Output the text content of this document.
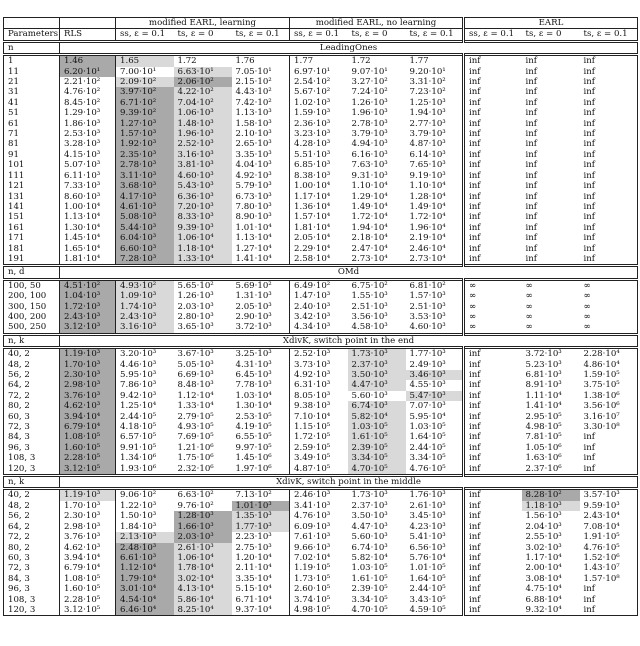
		modified EARL, learning			modified EARL, no learning			EARL		
Parameters	RLS	ss, ε = 0.1	ts, ε = 0	ts, ε = 0.1	ss, ε = 0.1	ts, ε = 0	ts, ε = 0.1	ss, ε = 0.1	ts, ε = 0	ts, ε = 0.1
n	LeadingOnes									
1	1.46	1.65	1.72	1.76	1.77	1.72	1.77	inf	inf	inf
11	6.20·10¹	7.00·10¹	6.63·10¹	7.05·10¹	6.97·10¹	9.07·10¹	9.20·10¹	inf	inf	inf
21	2.21·10²	2.09·10²	2.06·10²	2.15·10²	2.54·10²	3.27·10²	3.31·10²	inf	inf	inf
31	4.76·10²	3.97·10²	4.22·10²	4.43·10²	5.67·10²	7.24·10²	7.23·10²	inf	inf	inf
41	8.45·10²	6.71·10²	7.04·10²	7.42·10²	1.02·10³	1.26·10³	1.25·10³	inf	inf	inf
51	1.29·10³	9.39·10²	1.06·10³	1.13·10³	1.59·10³	1.96·10³	1.94·10³	inf	inf	inf
61	1.86·10³	1.27·10³	1.48·10³	1.58·10³	2.36·10³	2.78·10³	2.77·10³	inf	inf	inf
71	2.53·10³	1.57·10³	1.96·10³	2.10·10³	3.23·10³	3.79·10³	3.79·10³	inf	inf	inf
81	3.28·10³	1.92·10³	2.52·10³	2.65·10³	4.28·10³	4.94·10³	4.87·10³	inf	inf	inf
91	4.15·10³	2.35·10³	3.16·10³	3.35·10³	5.51·10³	6.16·10³	6.14·10³	inf	inf	inf
101	5.07·10³	2.78·10³	3.81·10³	4.04·10³	6.85·10³	7.63·10³	7.65·10³	inf	inf	inf
111	6.11·10³	3.11·10³	4.60·10³	4.92·10³	8.38·10³	9.31·10³	9.19·10³	inf	inf	inf
121	7.33·10³	3.68·10³	5.43·10³	5.79·10³	1.00·10⁴	1.10·10⁴	1.10·10⁴	inf	inf	inf
131	8.60·10³	4.17·10³	6.36·10³	6.73·10³	1.17·10⁴	1.29·10⁴	1.28·10⁴	inf	inf	inf
141	1.00·10⁴	4.61·10³	7.20·10³	7.80·10³	1.36·10⁴	1.49·10⁴	1.49·10⁴	inf	inf	inf
151	1.13·10⁴	5.08·10³	8.33·10³	8.90·10³	1.57·10⁴	1.72·10⁴	1.72·10⁴	inf	inf	inf
161	1.30·10⁴	5.44·10³	9.39·10³	1.01·10⁴	1.81·10⁴	1.94·10⁴	1.96·10⁴	inf	inf	inf
171	1.45·10⁴	6.04·10³	1.06·10⁴	1.13·10⁴	2.05·10⁴	2.18·10⁴	2.19·10⁴	inf	inf	inf
181	1.65·10⁴	6.60·10³	1.18·10⁴	1.27·10⁴	2.29·10⁴	2.47·10⁴	2.46·10⁴	inf	inf	inf
191	1.81·10⁴	7.28·10³	1.33·10⁴	1.41·10⁴	2.58·10⁴	2.73·10⁴	2.73·10⁴	inf	inf	inf
n, d	OMd									
100, 50	4.51·10²	4.93·10²	5.65·10²	5.69·10²	6.49·10²	6.75·10²	6.81·10²	∞	∞	∞
200, 100	1.04·10³	1.09·10³	1.26·10³	1.31·10³	1.47·10³	1.55·10³	1.57·10³	∞	∞	∞
300, 150	1.72·10³	1.74·10³	2.03·10³	2.05·10³	2.40·10³	2.51·10³	2.51·10³	∞	∞	∞
400, 200	2.43·10³	2.43·10³	2.80·10³	2.90·10³	3.42·10³	3.56·10³	3.53·10³	∞	∞	∞
500, 250	3.12·10³	3.16·10³	3.65·10³	3.72·10³	4.34·10³	4.58·10³	4.60·10³	∞	∞	∞
n, k	XdivK, switch point in the end									
40, 2	1.19·10³	3.20·10³	3.67·10³	3.25·10³	2.52·10³	1.73·10³	1.77·10³	inf	3.72·10³	2.28·10⁴
48, 2	1.70·10³	4.46·10³	5.05·10³	4.31·10³	3.73·10³	2.37·10³	2.49·10³	inf	5.23·10³	4.86·10⁴
56, 2	2.30·10³	5.95·10³	6.69·10³	6.45·10³	4.92·10³	3.50·10³	3.46·10³	inf	6.81·10³	1.59·10⁵
64, 2	2.98·10³	7.86·10³	8.48·10³	7.78·10³	6.31·10³	4.47·10³	4.55·10³	inf	8.91·10³	3.75·10⁵
72, 2	3.76·10³	9.42·10³	1.12·10⁴	1.03·10⁴	8.05·10³	5.60·10³	5.47·10³	inf	1.11·10⁴	1.38·10⁶
80, 2	4.62·10³	1.25·10⁴	1.33·10⁴	1.30·10⁴	9.38·10³	6.74·10³	7.07·10³	inf	1.41·10⁴	3.56·10⁶
60, 3	3.94·10⁴	2.44·10⁵	2.79·10⁵	2.53·10⁵	7.10·10⁴	5.82·10⁴	5.95·10⁴	inf	2.95·10⁵	3.16·10⁷
72, 3	6.79·10⁴	4.18·10⁵	4.93·10⁵	4.19·10⁵	1.15·10⁵	1.03·10⁵	1.03·10⁵	inf	4.98·10⁵	3.30·10⁸
84, 3	1.08·10⁵	6.57·10⁵	7.69·10⁵	6.55·10⁵	1.72·10⁵	1.61·10⁵	1.64·10⁵	inf	7.81·10⁵	inf
96, 3	1.60·10⁵	9.91·10⁵	1.21·10⁶	9.97·10⁵	2.59·10⁵	2.39·10⁵	2.44·10⁵	inf	1.05·10⁶	inf
108, 3	2.28·10⁵	1.34·10⁶	1.75·10⁶	1.45·10⁶	3.49·10⁵	3.34·10⁵	3.34·10⁵	inf	1.63·10⁶	inf
120, 3	3.12·10⁵	1.93·10⁶	2.32·10⁶	1.97·10⁶	4.87·10⁵	4.70·10⁵	4.76·10⁵	inf	2.37·10⁶	inf
n, k	XdivK, switch point in the middle									
40, 2	1.19·10³	9.06·10²	6.63·10²	7.13·10²	2.46·10³	1.73·10³	1.76·10³	inf	8.28·10²	3.57·10³
48, 2	1.70·10³	1.22·10³	9.76·10²	1.01·10³	3.41·10³	2.37·10³	2.61·10³	inf	1.18·10³	9.59·10³
56, 2	2.30·10³	1.50·10³	1.28·10³	1.35·10³	4.76·10³	3.50·10³	3.45·10³	inf	1.56·10³	2.43·10⁴
64, 2	2.98·10³	1.84·10³	1.66·10³	1.77·10³	6.09·10³	4.47·10³	4.23·10³	inf	2.04·10³	7.08·10⁴
72, 2	3.76·10³	2.13·10³	2.03·10³	2.23·10³	7.61·10³	5.60·10³	5.41·10³	inf	2.55·10³	1.91·10⁵
80, 2	4.62·10³	2.48·10³	2.61·10³	2.75·10³	9.66·10³	6.74·10³	6.56·10³	inf	3.02·10³	4.76·10⁵
60, 3	3.94·10⁴	6.61·10³	1.06·10⁴	1.20·10⁴	7.02·10⁴	5.82·10⁴	5.76·10⁴	inf	1.17·10⁴	1.52·10⁶
72, 3	6.79·10⁴	1.12·10⁴	1.78·10⁴	2.11·10⁴	1.19·10⁵	1.03·10⁵	1.01·10⁵	inf	2.00·10⁴	1.43·10⁷
84, 3	1.08·10⁵	1.79·10⁴	3.02·10⁴	3.35·10⁴	1.73·10⁵	1.61·10⁵	1.64·10⁵	inf	3.08·10⁴	1.57·10⁸
96, 3	1.60·10⁵	3.01·10⁴	4.13·10⁴	5.15·10⁴	2.60·10⁵	2.39·10⁵	2.44·10⁵	inf	4.75·10⁴	inf
108, 3	2.28·10⁵	4.54·10⁴	5.86·10⁴	6.71·10⁴	3.74·10⁵	3.34·10⁵	3.43·10⁵	inf	6.88·10⁴	inf
120, 3	3.12·10⁵	6.46·10⁴	8.25·10⁴	9.37·10⁴	4.98·10⁵	4.70·10⁵	4.59·10⁵	inf	9.32·10⁴	inf
